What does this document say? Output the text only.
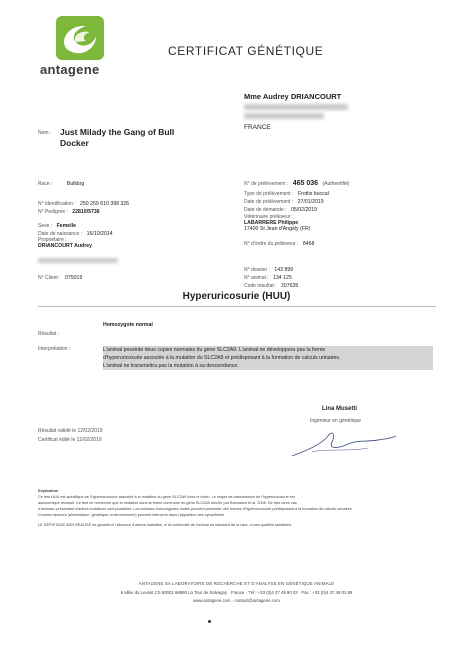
antagene
CERTIFICAT GÉNÉTIQUE
Mme Audrey DRIANCOURT
FRANCE
Nom : Just Milady the Gang of Bull
Docker
Race :	Bulldog
N° identification : 250 269 610 398 326
N° Pedigree : 22810/5736
Sexe : Femelle
Date de naissance : 16/10/2014
Propriétaire :
DRIANCOURT Audrey
N° Client : 075019
N° de prélèvement : 465 036 (Authentifié)
Type de prélèvement : Frottis buccal
Date de prélèvement : 27/01/2019
Date de demande : 05/02/2019
Vétérinaire préleveur :
LABARRERE Philippe
17400 St Jean d'Angély (FR)
N° d'ordre du préleveur : 8468
N° dossier : 143 899
N° animal : 134 125
Code résultat : 207635
Hyperuricosurie (HUU)
Résultat :
Homozygote normal
Interprétation :	L'animal possède deux copies normales du gène SLC2A9. L'animal ne développera pas la forme
d'hyperuricosurie associée à la mutation du SLC2A9 et prédisposant à la formation de calculs urinaires.
L'animal ne transmettra pas la mutation à sa descendance.
Résultat validé le 12/02/2019
Certificat édité le 12/02/2019
Lina Musetti
Ingénieur en génétique
Explication
Ce test HUU est spécifique de l'hyperuricosurie associée à la mutation du gène SLC2A9 chez le chien. Le risque de transmission de l'hyperuricosurie est
autosomique récessif. Ce test ne recherche que la mutation dans la forme commune du gène SLC2A9 décrite par Bannasch et al. 2008. De très rares cas
d'animaux présentant d'autres mutations sont possibles. Les animaux homozygotes mutés peuvent présenter des formes d'hyperuricosurie prédisposant à la formation de calculs urinaires.
D'autres facteurs (alimentation, génétique, environnement) peuvent intervenir dans l'apparition des symptômes.
LE DÉPISTAGE ADN RÉALISÉ ne garantit ni l'absence d'autres maladies, ni la conformité de l'animal au standard de la race, ni ses qualités sanitaires.
ANTAGENE SA LABORATOIRE DE RECHERCHE ET D'ANALYSE EN GÉNÉTIQUE ANIMALE
6 allée du Levant CS 60001 69890 La Tour de Salvagny · France · Tél : +33 (0)4 37 49 90 03 · Fax : +33 (0)4 37 49 01 89
www.antagene.com · contact@antagene.com
